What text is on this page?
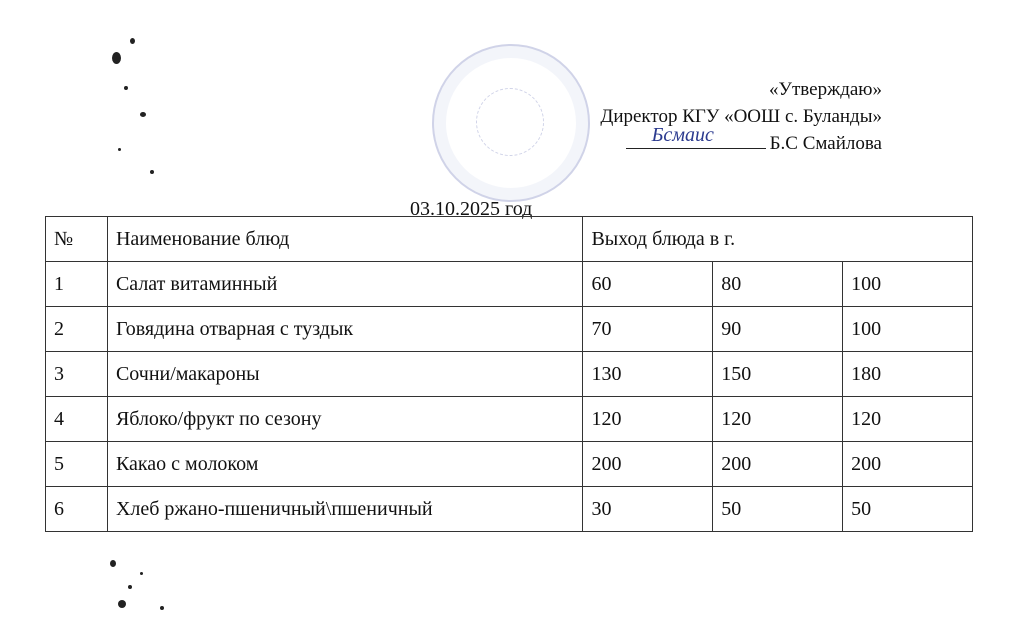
«Утверждаю»
Директор КГУ «ООШ с. Буланды»
Бсмаис	Б.С Смайлова
03.10.2025 год
№	Наименование блюд	Выход блюда в г.		
1	Салат витаминный	60	80	100
2	Говядина отварная с туздык	70	90	100
3	Сочни/макароны	130	150	180
4	Яблоко/фрукт по сезону	120	120	120
5	Какао с молоком	200	200	200
6	Хлеб ржано-пшеничный\пшеничный	30	50	50
